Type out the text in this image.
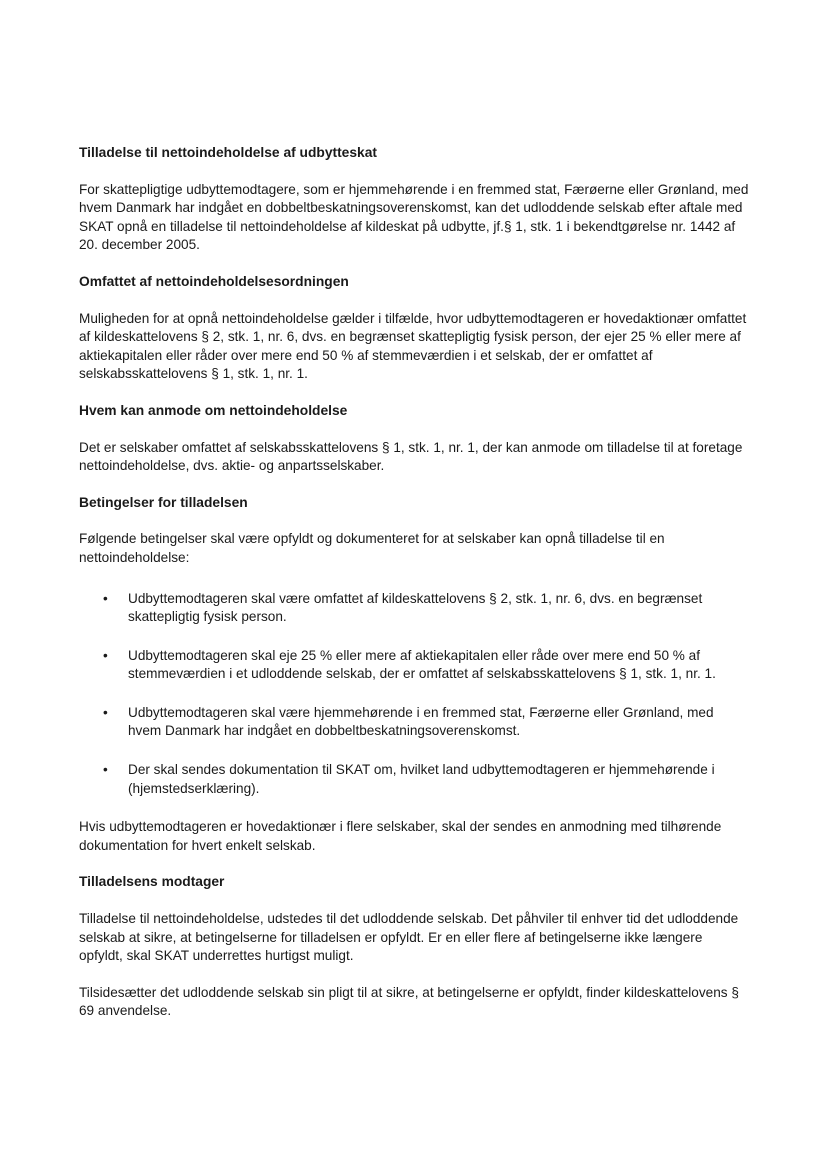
Tilladelse til nettoindeholdelse af udbytteskat
For skattepligtige udbyttemodtagere, som er hjemmehørende i en fremmed stat, Færøerne eller Grønland, med hvem Danmark har indgået en dobbeltbeskatningsoverenskomst, kan det udloddende selskab efter aftale med SKAT opnå en tilladelse til nettoindeholdelse af kildeskat på udbytte, jf.§ 1, stk. 1 i bekendtgørelse nr. 1442 af 20. december 2005.
Omfattet af nettoindeholdelsesordningen
Muligheden for at opnå nettoindeholdelse gælder i tilfælde, hvor udbyttemodtageren er hovedaktionær omfattet af kildeskattelovens § 2, stk. 1, nr. 6, dvs. en begrænset skattepligtig fysisk person, der ejer 25 % eller mere af aktiekapitalen eller råder over mere end 50 % af stemmeværdien i et selskab, der er omfattet af selskabsskattelovens § 1, stk. 1, nr. 1.
Hvem kan anmode om nettoindeholdelse
Det er selskaber omfattet af selskabsskattelovens § 1, stk. 1, nr. 1, der kan anmode om tilladelse til at foretage nettoindeholdelse, dvs. aktie- og anpartsselskaber.
Betingelser for tilladelsen
Følgende betingelser skal være opfyldt og dokumenteret for at selskaber kan opnå tilladelse til en nettoindeholdelse:
• Udbyttemodtageren skal være omfattet af kildeskattelovens § 2, stk. 1, nr. 6, dvs. en begrænset skattepligtig fysisk person.
• Udbyttemodtageren skal eje 25 % eller mere af aktiekapitalen eller råde over mere end 50 % af stemmeværdien i et udloddende selskab, der er omfattet af selskabsskattelovens § 1, stk. 1, nr. 1.
• Udbyttemodtageren skal være hjemmehørende i en fremmed stat, Færøerne eller Grønland, med hvem Danmark har indgået en dobbeltbeskatningsoverenskomst.
• Der skal sendes dokumentation til SKAT om, hvilket land udbyttemodtageren er hjemmehørende i (hjemstedserklæring).
Hvis udbyttemodtageren er hovedaktionær i flere selskaber, skal der sendes en anmodning med tilhørende dokumentation for hvert enkelt selskab.
Tilladelsens modtager
Tilladelse til nettoindeholdelse, udstedes til det udloddende selskab. Det påhviler til enhver tid det udloddende selskab at sikre, at betingelserne for tilladelsen er opfyldt. Er en eller flere af betingelserne ikke længere opfyldt, skal SKAT underrettes hurtigst muligt.
Tilsidesætter det udloddende selskab sin pligt til at sikre, at betingelserne er opfyldt, finder kildeskattelovens § 69 anvendelse.
